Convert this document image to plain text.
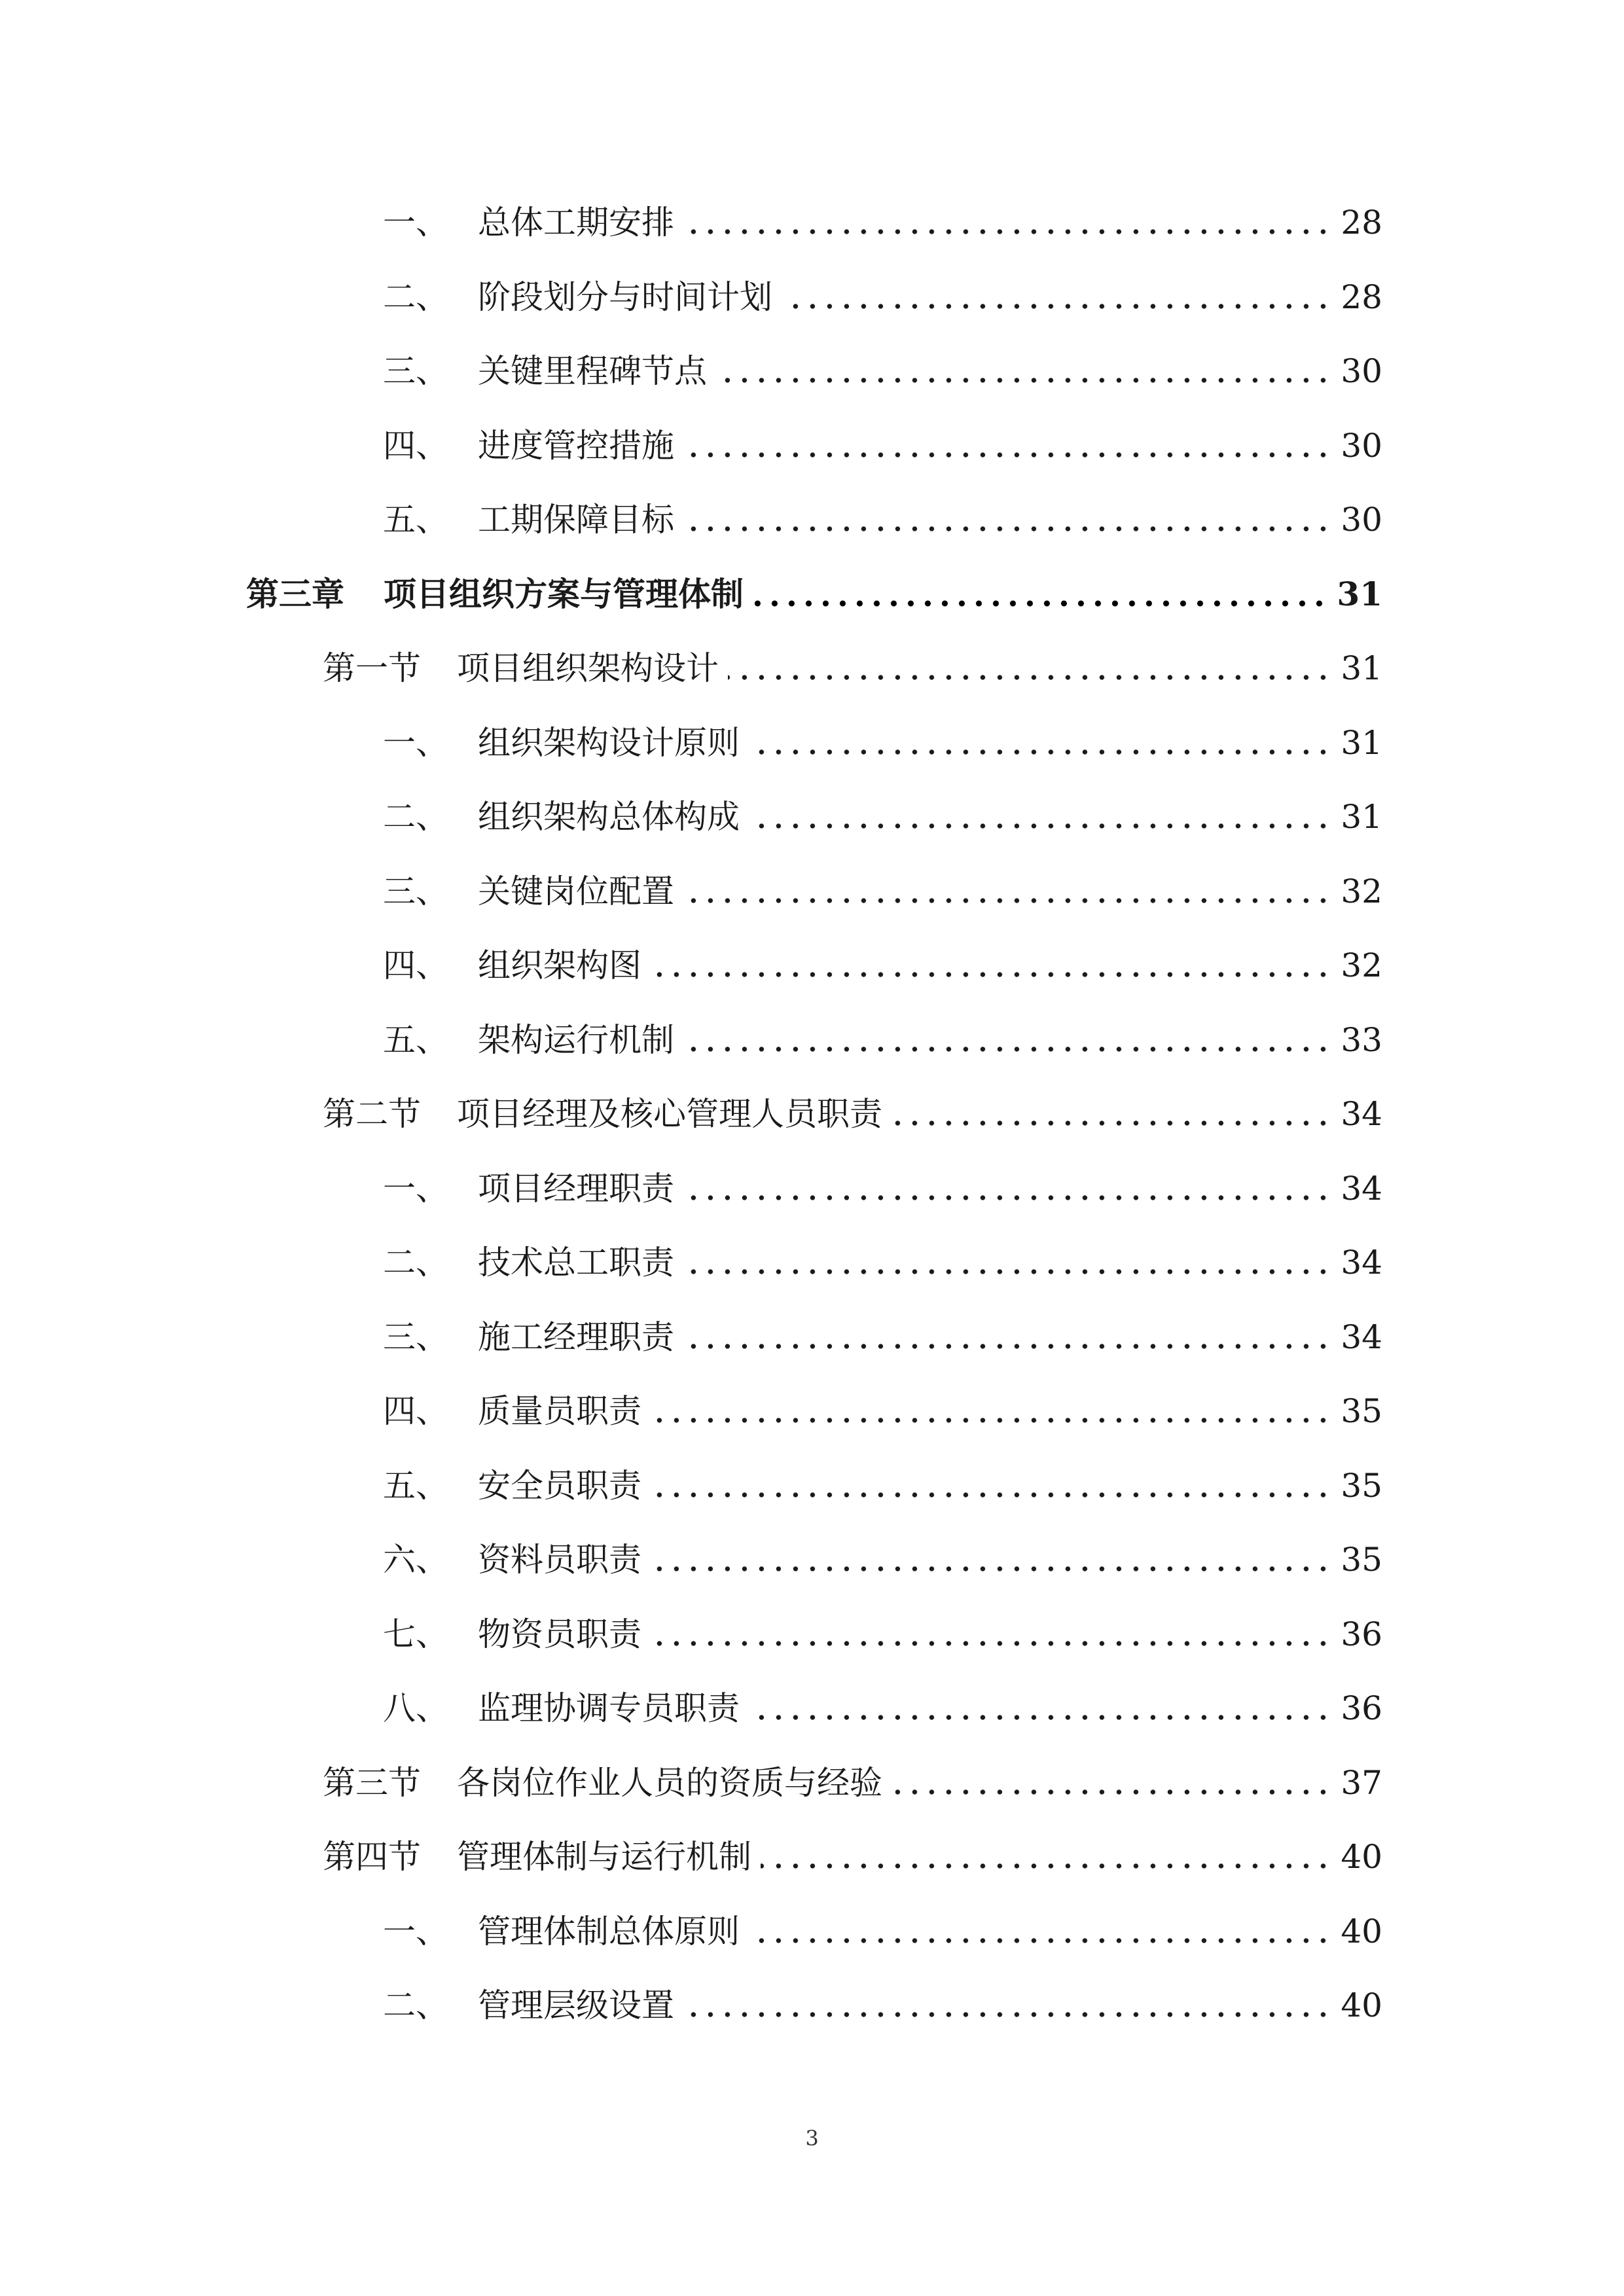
一、 总体工期安排	28
二、 阶段划分与时间计划	28
三、 关键里程碑节点	30
四、 进度管控措施	30
五、 工期保障目标	30
第三章	项目组织方案与管理体制	31
第一节	项目组织架构设计	31
一、 组织架构设计原则	31
二、 组织架构总体构成	31
三、 关键岗位配置	32
四、 组织架构图	32
五、 架构运行机制	33
第二节	项目经理及核心管理人员职责	34
一、 项目经理职责	34
二、 技术总工职责	34
三、 施工经理职责	34
四、 质量员职责	35
五、 安全员职责	35
六、 资料员职责	35
七、 物资员职责	36
八、 监理协调专员职责	36
第三节	各岗位作业人员的资质与经验	37
第四节	管理体制与运行机制	40
一、 管理体制总体原则	40
二、 管理层级设置	40
3
